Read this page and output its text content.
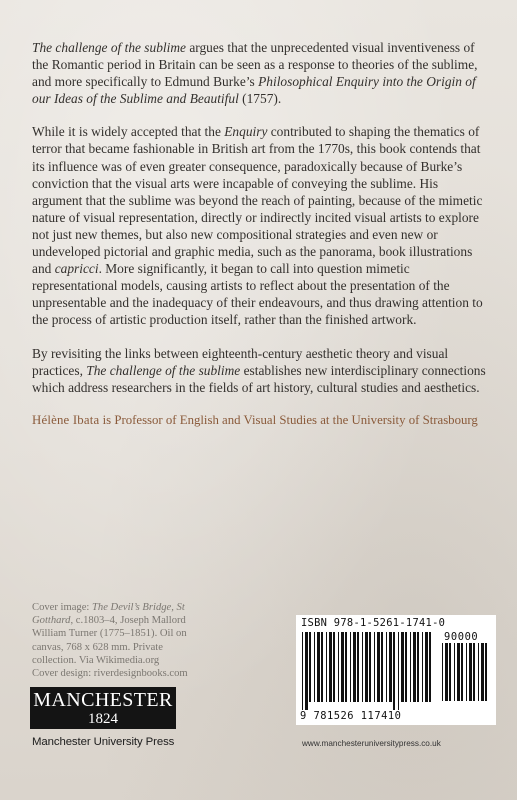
The challenge of the sublime argues that the unprecedented visual inventiveness of the Romantic period in Britain can be seen as a response to theories of the sublime, and more specifically to Edmund Burke’s Philosophical Enquiry into the Origin of our Ideas of the Sublime and Beautiful (1757).

While it is widely accepted that the Enquiry contributed to shaping the thematics of terror that became fashionable in British art from the 1770s, this book contends that its influence was of even greater consequence, paradoxically because of Burke’s conviction that the visual arts were incapable of conveying the sublime. His argument that the sublime was beyond the reach of painting, because of the mimetic nature of visual representation, directly or indirectly incited visual artists to explore not just new themes, but also new compositional strategies and even new or undeveloped pictorial and graphic media, such as the panorama, book illustrations and capricci. More significantly, it began to call into question mimetic representational models, causing artists to reflect about the presentation of the unpresentable and the inadequacy of their endeavours, and thus drawing attention to the process of artistic production itself, rather than the finished artwork.

By revisiting the links between eighteenth-century aesthetic theory and visual practices, The challenge of the sublime establishes new interdisciplinary connections which address researchers in the fields of art history, cultural studies and aesthetics.

Hélène Ibata is Professor of English and Visual Studies at the University of Strasbourg

Cover image: The Devil’s Bridge, St Gotthard, c.1803–4, Joseph Mallord William Turner (1775–1851). Oil on canvas, 768 x 628 mm. Private collection. Via Wikimedia.org
Cover design: riverdesignbooks.com
MANCHESTER
1824
Manchester University Press
ISBN 978-1-5261-1741-0
90000
9 781526 117410
www.manchesteruniversitypress.co.uk
